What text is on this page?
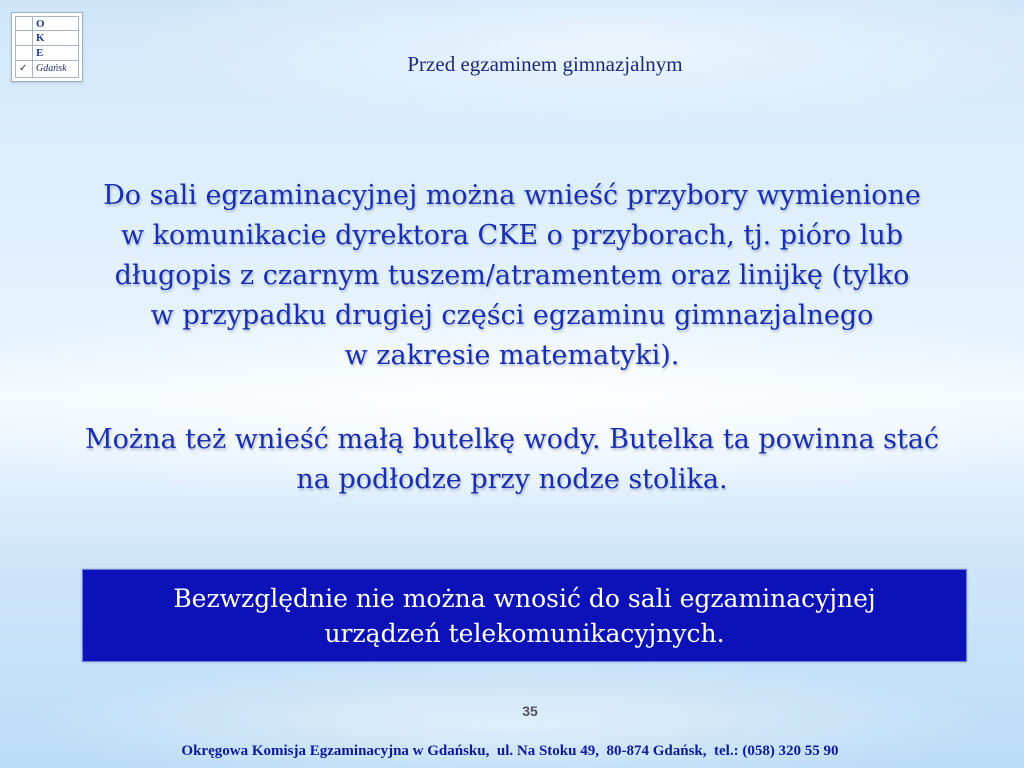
O
K
E
✓ Gdańsk	Przed egzaminem gimnazjalnym
Do sali egzaminacyjnej można wnieść przybory wymienione
w komunikacie dyrektora CKE o przyborach, tj. pióro lub
długopis z czarnym tuszem/atramentem oraz linijkę (tylko
w przypadku drugiej części egzaminu gimnazjalnego
w zakresie matematyki).
Można też wnieść małą butelkę wody. Butelka ta powinna stać
na podłodze przy nodze stolika.
Bezwzględnie nie można wnosić do sali egzaminacyjnej
urządzeń telekomunikacyjnych.
35
Okręgowa Komisja Egzaminacyjna w Gdańsku,  ul. Na Stoku 49,  80-874 Gdańsk,  tel.: (058) 320 55 90
